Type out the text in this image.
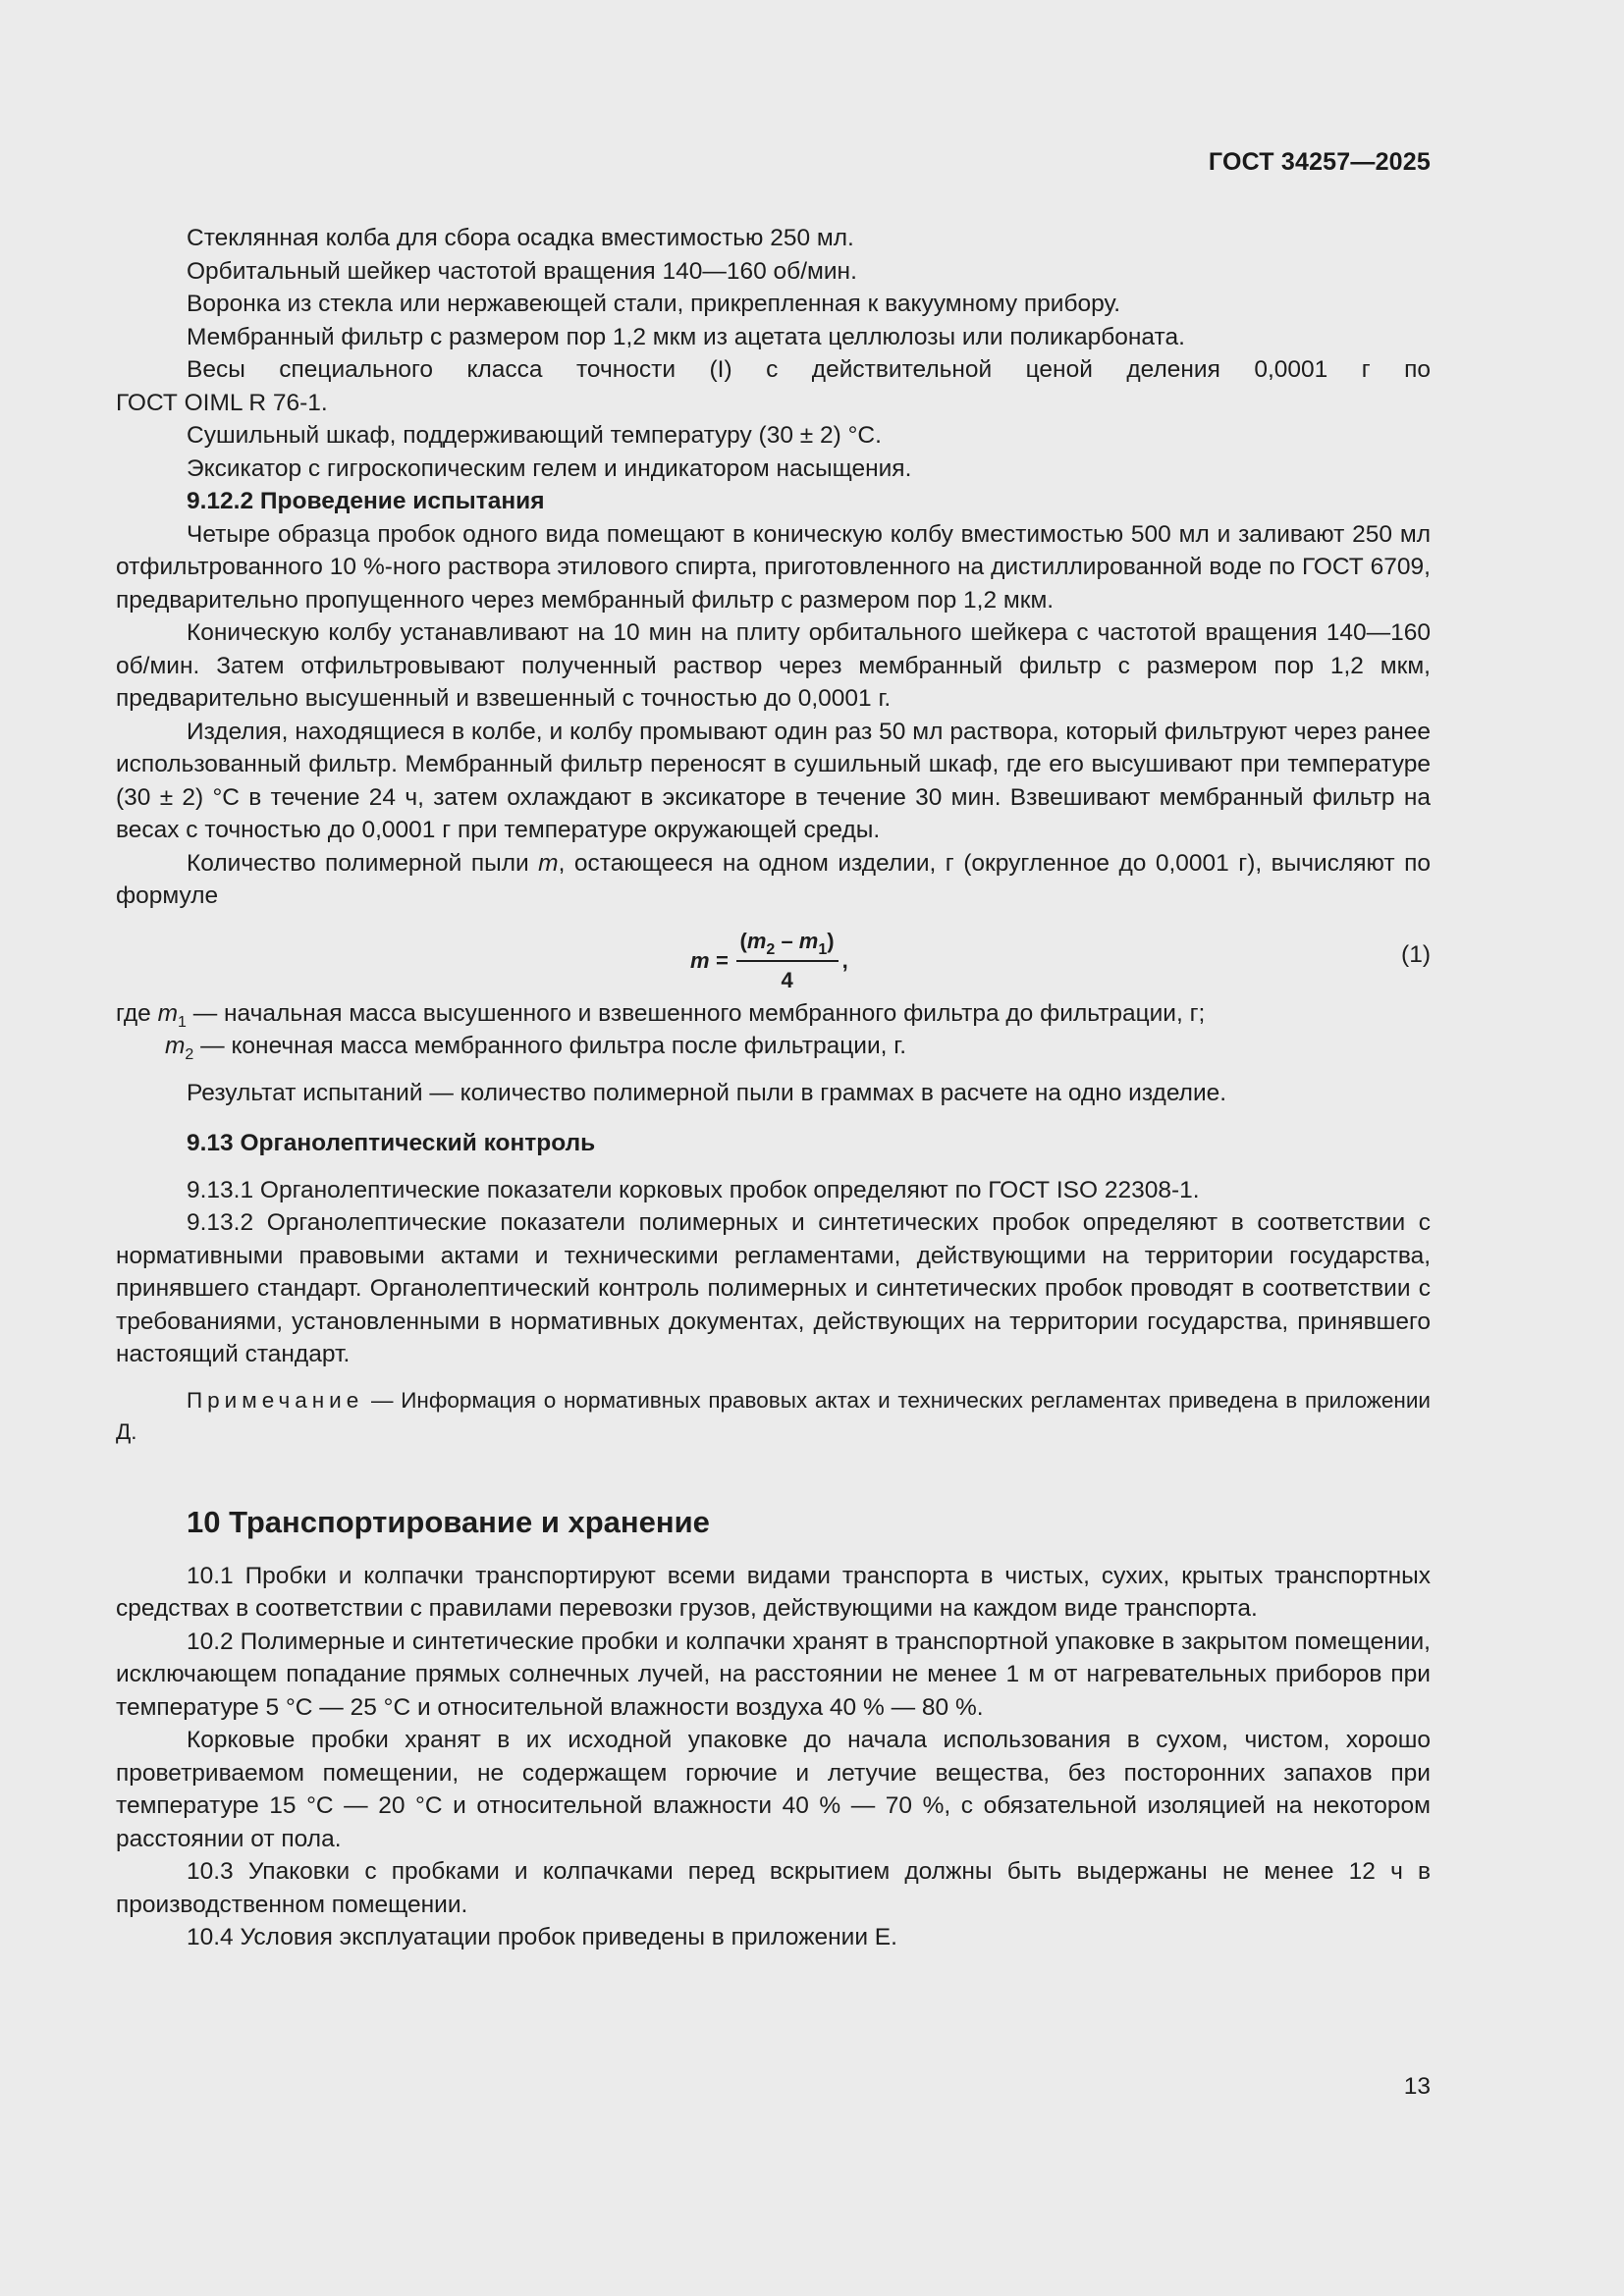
ГОСТ 34257—2025

Стеклянная колба для сбора осадка вместимостью 250 мл.

Орбитальный шейкер частотой вращения 140—160 об/мин.

Воронка из стекла или нержавеющей стали, прикрепленная к вакуумному прибору.

Мембранный фильтр с размером пор 1,2 мкм из ацетата целлюлозы или поликарбоната.

Весы специального класса точности (I) с действительной ценой деления 0,0001 г по

ГОСТ OIML R 76-1.

Сушильный шкаф, поддерживающий температуру (30 ± 2) °С.

Эксикатор с гигроскопическим гелем и индикатором насыщения.

9.12.2 Проведение испытания

Четыре образца пробок одного вида помещают в коническую колбу вместимостью 500 мл и заливают 250 мл отфильтрованного 10 %-ного раствора этилового спирта, приготовленного на дистиллированной воде по ГОСТ 6709, предварительно пропущенного через мембранный фильтр с размером пор 1,2 мкм.

Коническую колбу устанавливают на 10 мин на плиту орбитального шейкера с частотой вращения 140—160 об/мин. Затем отфильтровывают полученный раствор через мембранный фильтр с размером пор 1,2 мкм, предварительно высушенный и взвешенный с точностью до 0,0001 г.

Изделия, находящиеся в колбе, и колбу промывают один раз 50 мл раствора, который фильтруют через ранее использованный фильтр. Мембранный фильтр переносят в сушильный шкаф, где его высушивают при температуре (30 ± 2) °С в течение 24 ч, затем охлаждают в эксикаторе в течение 30 мин. Взвешивают мембранный фильтр на весах с точностью до 0,0001 г при температуре окружающей среды.

Количество полимерной пыли m, остающееся на одном изделии, г (округленное до 0,0001 г), вычисляют по формуле

$m = \frac{(m_2 - m_1)}{4}$ ,	(1)

где $m_1$ — начальная масса высушенного и взвешенного мембранного фильтра до фильтрации, г;

$m_2$ — конечная масса мембранного фильтра после фильтрации, г.

Результат испытаний — количество полимерной пыли в граммах в расчете на одно изделие.

9.13 Органолептический контроль

9.13.1 Органолептические показатели корковых пробок определяют по ГОСТ ISO 22308-1.

9.13.2 Органолептические показатели полимерных и синтетических пробок определяют в соответствии с нормативными правовыми актами и техническими регламентами, действующими на территории государства, принявшего стандарт. Органолептический контроль полимерных и синтетических пробок проводят в соответствии с требованиями, установленными в нормативных документах, действующих на территории государства, принявшего настоящий стандарт.

Примечание — Информация о нормативных правовых актах и технических регламентах приведена в приложении Д.

10 Транспортирование и хранение

10.1 Пробки и колпачки транспортируют всеми видами транспорта в чистых, сухих, крытых транспортных средствах в соответствии с правилами перевозки грузов, действующими на каждом виде транспорта.

10.2 Полимерные и синтетические пробки и колпачки хранят в транспортной упаковке в закрытом помещении, исключающем попадание прямых солнечных лучей, на расстоянии не менее 1 м от нагревательных приборов при температуре 5 °С — 25 °С и относительной влажности воздуха 40 % — 80 %.

Корковые пробки хранят в их исходной упаковке до начала использования в сухом, чистом, хорошо проветриваемом помещении, не содержащем горючие и летучие вещества, без посторонних запахов при температуре 15 °С — 20 °С и относительной влажности 40 % — 70 %, с обязательной изоляцией на некотором расстоянии от пола.

10.3 Упаковки с пробками и колпачками перед вскрытием должны быть выдержаны не менее 12 ч в производственном помещении.

10.4 Условия эксплуатации пробок приведены в приложении Е.

13
